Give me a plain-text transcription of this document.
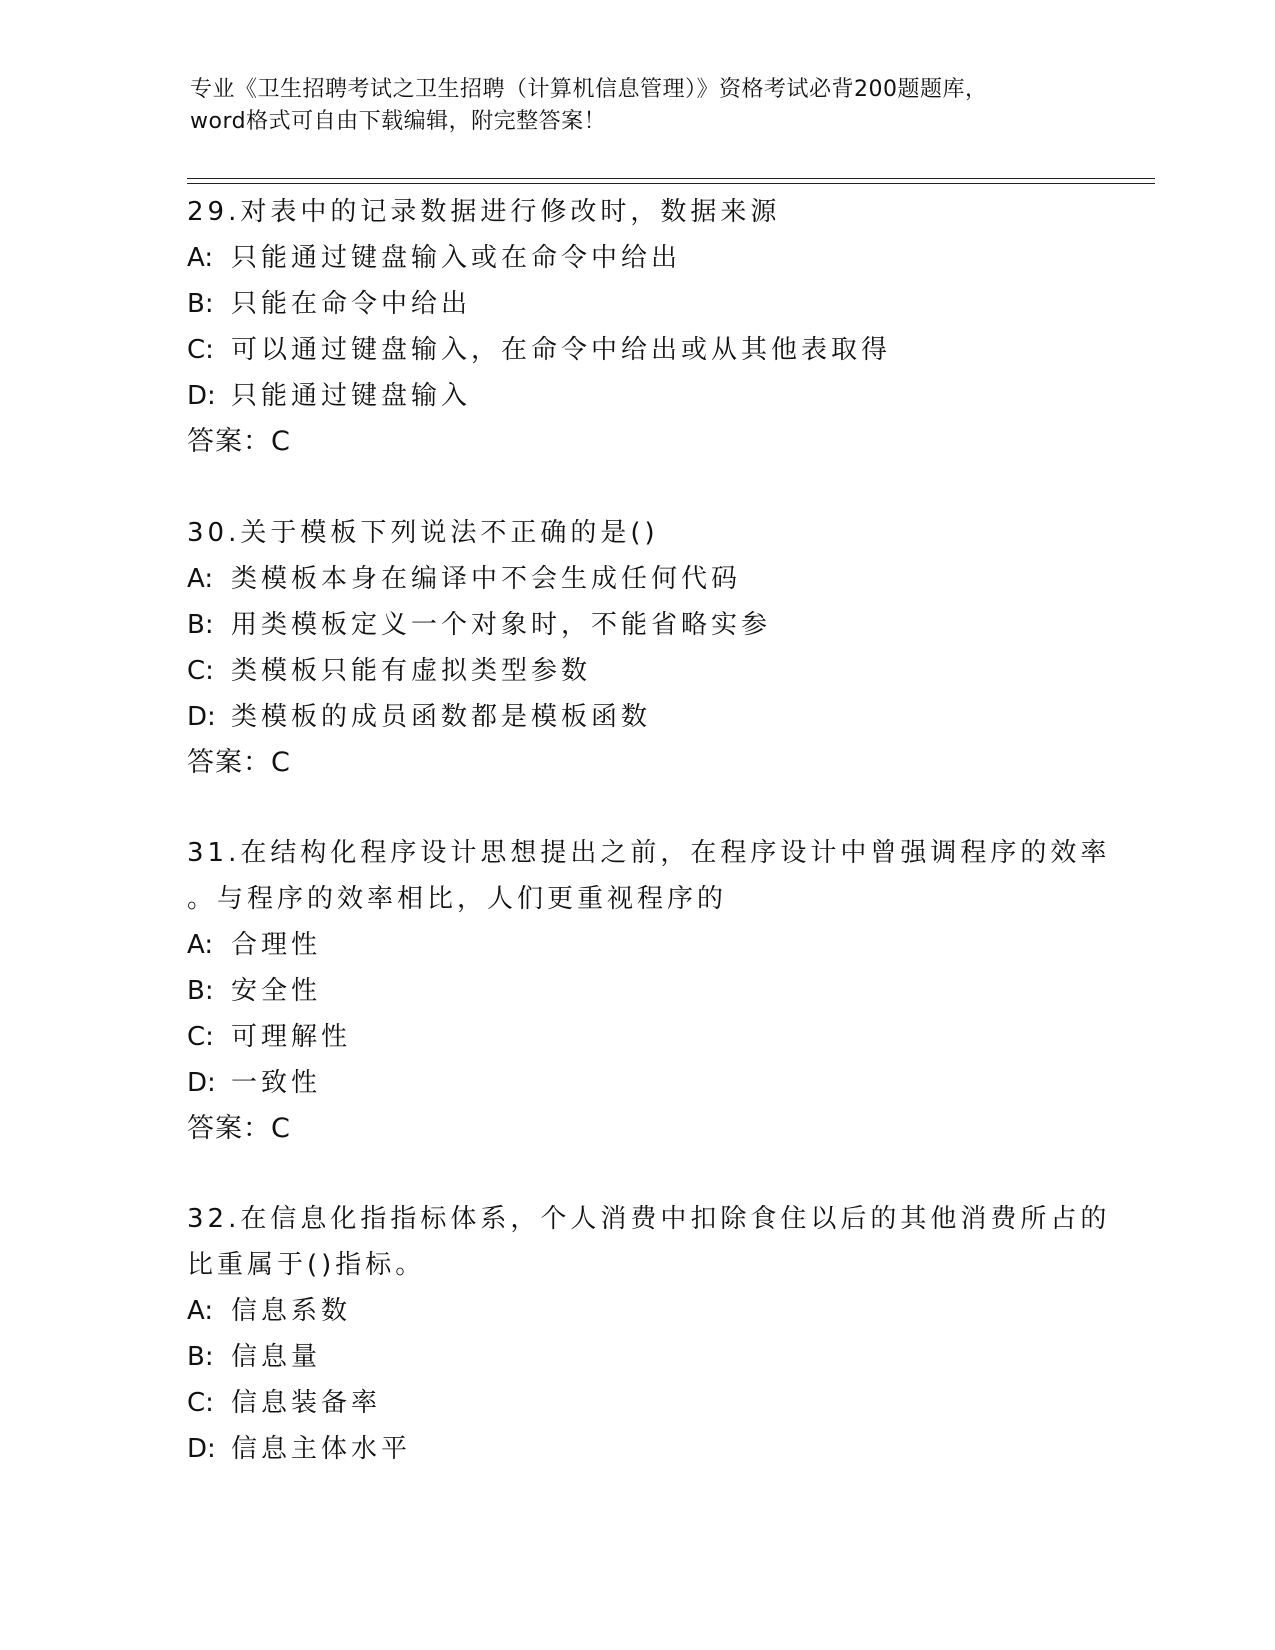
专业《卫生招聘考试之卫生招聘（计算机信息管理）》资格考试必背200题题库，
word格式可自由下载编辑，附完整答案！
29.对表中的记录数据进行修改时，数据来源
A: 只能通过键盘输入或在命令中给出
B: 只能在命令中给出
C: 可以通过键盘输入，在命令中给出或从其他表取得
D: 只能通过键盘输入
答案：C
30.关于模板下列说法不正确的是()
A: 类模板本身在编译中不会生成任何代码
B: 用类模板定义一个对象时，不能省略实参
C: 类模板只能有虚拟类型参数
D: 类模板的成员函数都是模板函数
答案：C
31.在结构化程序设计思想提出之前，在程序设计中曾强调程序的效率
。与程序的效率相比，人们更重视程序的
A: 合理性
B: 安全性
C: 可理解性
D: 一致性
答案：C
32.在信息化指指标体系，个人消费中扣除食住以后的其他消费所占的
比重属于()指标。
A: 信息系数
B: 信息量
C: 信息装备率
D: 信息主体水平
